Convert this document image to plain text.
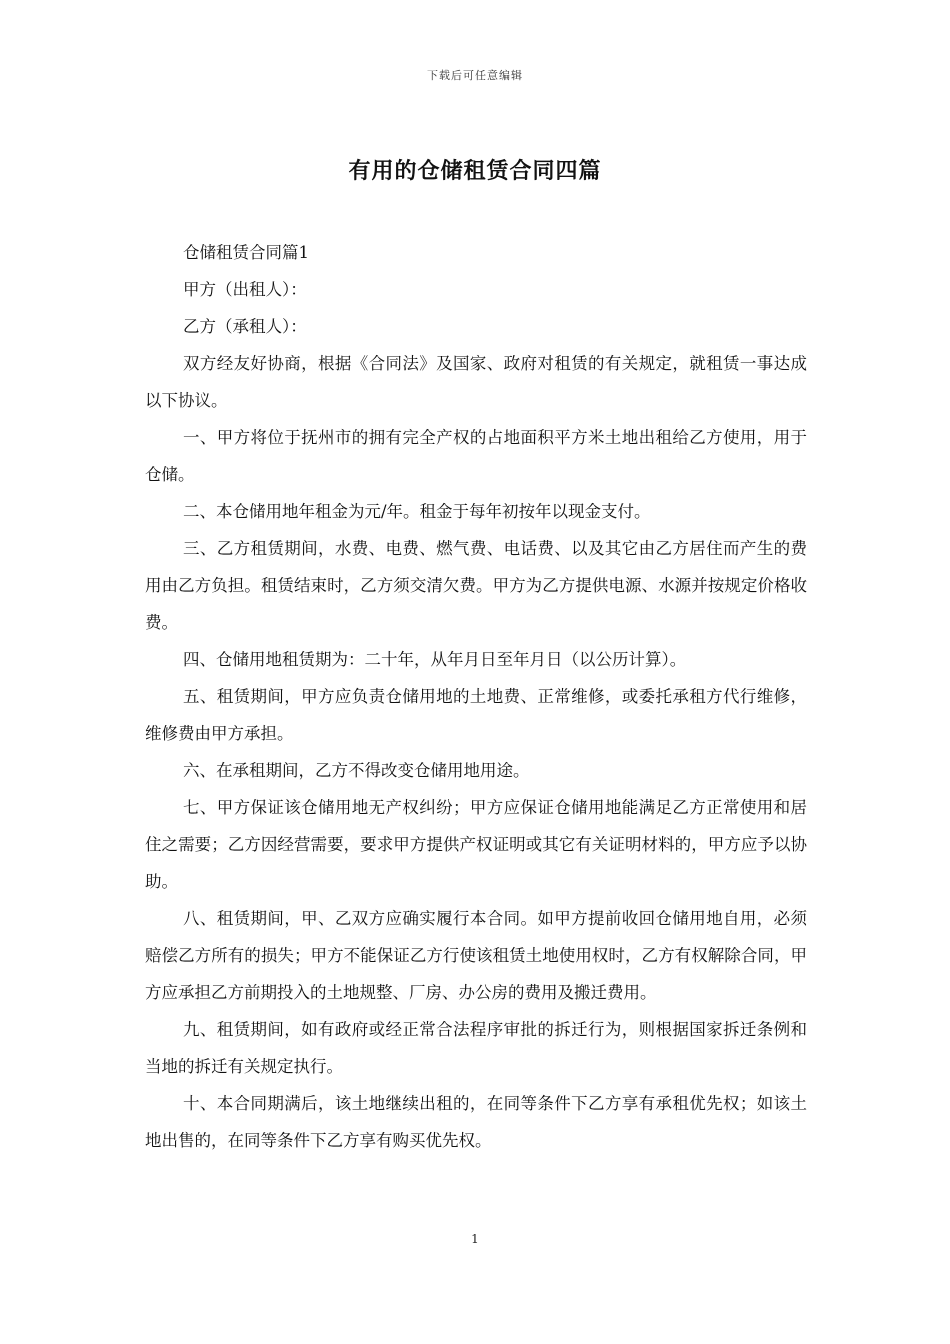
下载后可任意编辑
有用的仓储租赁合同四篇

仓储租赁合同篇1

甲方（出租人）：

乙方（承租人）：

双方经友好协商，根据《合同法》及国家、政府对租赁的有关规定，就租赁一事达成以下协议。

一、甲方将位于抚州市的拥有完全产权的占地面积平方米土地出租给乙方使用，用于仓储。

二、本仓储用地年租金为元/年。租金于每年初按年以现金支付。

三、乙方租赁期间，水费、电费、燃气费、电话费、以及其它由乙方居住而产生的费用由乙方负担。租赁结束时，乙方须交清欠费。甲方为乙方提供电源、水源并按规定价格收费。

四、仓储用地租赁期为：二十年，从年月日至年月日（以公历计算）。

五、租赁期间，甲方应负责仓储用地的土地费、正常维修，或委托承租方代行维修，维修费由甲方承担。

六、在承租期间，乙方不得改变仓储用地用途。

七、甲方保证该仓储用地无产权纠纷；甲方应保证仓储用地能满足乙方正常使用和居住之需要；乙方因经营需要，要求甲方提供产权证明或其它有关证明材料的，甲方应予以协助。

八、租赁期间，甲、乙双方应确实履行本合同。如甲方提前收回仓储用地自用，必须赔偿乙方所有的损失；甲方不能保证乙方行使该租赁土地使用权时，乙方有权解除合同，甲方应承担乙方前期投入的土地规整、厂房、办公房的费用及搬迁费用。

九、租赁期间，如有政府或经正常合法程序审批的拆迁行为，则根据国家拆迁条例和当地的拆迁有关规定执行。

十、本合同期满后，该土地继续出租的，在同等条件下乙方享有承租优先权；如该土地出售的，在同等条件下乙方享有购买优先权。

1
